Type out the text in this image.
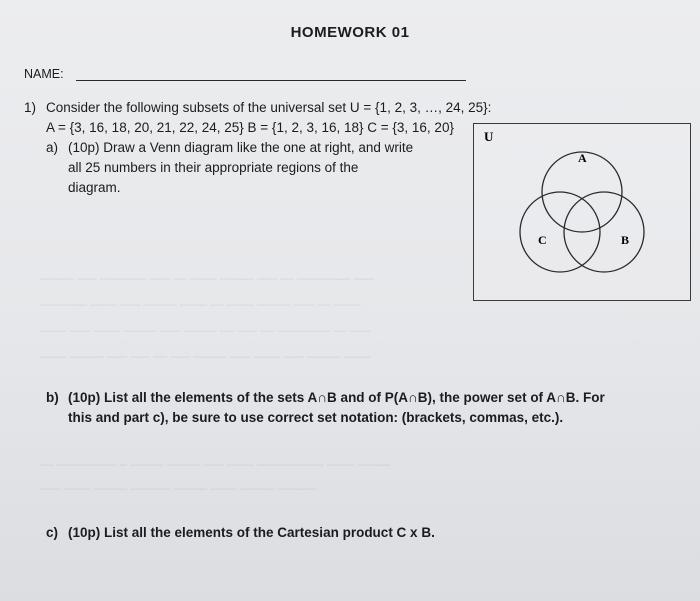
HOMEWORK 01
NAME:
1) Consider the following subsets of the universal set U = {1, 2, 3, …, 24, 25}:
A = {3, 16, 18, 20, 21, 22, 24, 25} B = {1, 2, 3, 16, 18} C = {3, 16, 20}
a) (10p) Draw a Venn diagram like the one at right, and write
all 25 numbers in their appropriate regions of the
diagram.
_____ ___ _______ ___ __ ____ _____ ___ __ ________ ___
_______ ____ ___ _____ ____ __ ____ _____ ___ __ ____
____ ___ ____ _____ ___ _____ __ ___ __ ________ __ ___
____ _____ ___ ___ __ ___ _____ ___ ____ ___ _____ ____
__ _________ _ _____ _____ ___ ____ __________ ____ _____
___ ____ _____ ______ _____ ____ _____ ______
U
A
C	B
b) (10p) List all the elements of the sets A∩B and of P(A∩B), the power set of A∩B. For
this and part c), be sure to use correct set notation: (brackets, commas, etc.).
c) (10p) List all the elements of the Cartesian product C x B.
